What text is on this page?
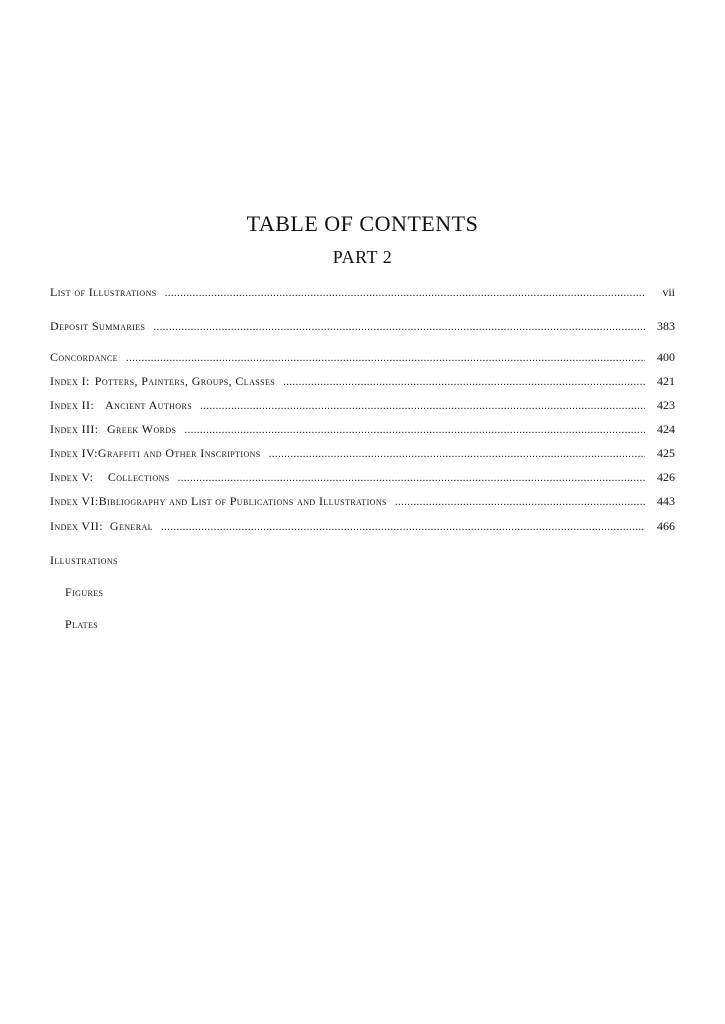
TABLE OF CONTENTS
PART 2
List of Illustrations . . .	vii
Deposit Summaries . . .	383
Concordance . . .	400
Index I: Potters, Painters, Groups, Classes . . .	421
Index II: Ancient Authors . . .	423
Index III: Greek Words . . .	424
Index IV: Graffiti and Other Inscriptions . . .	425
Index V:	Collections . . .	426
Index VI: Bibliography and List of Publications and Illustrations . . .	443
Index VII: General . . .	466
Illustrations
Figures
Plates
